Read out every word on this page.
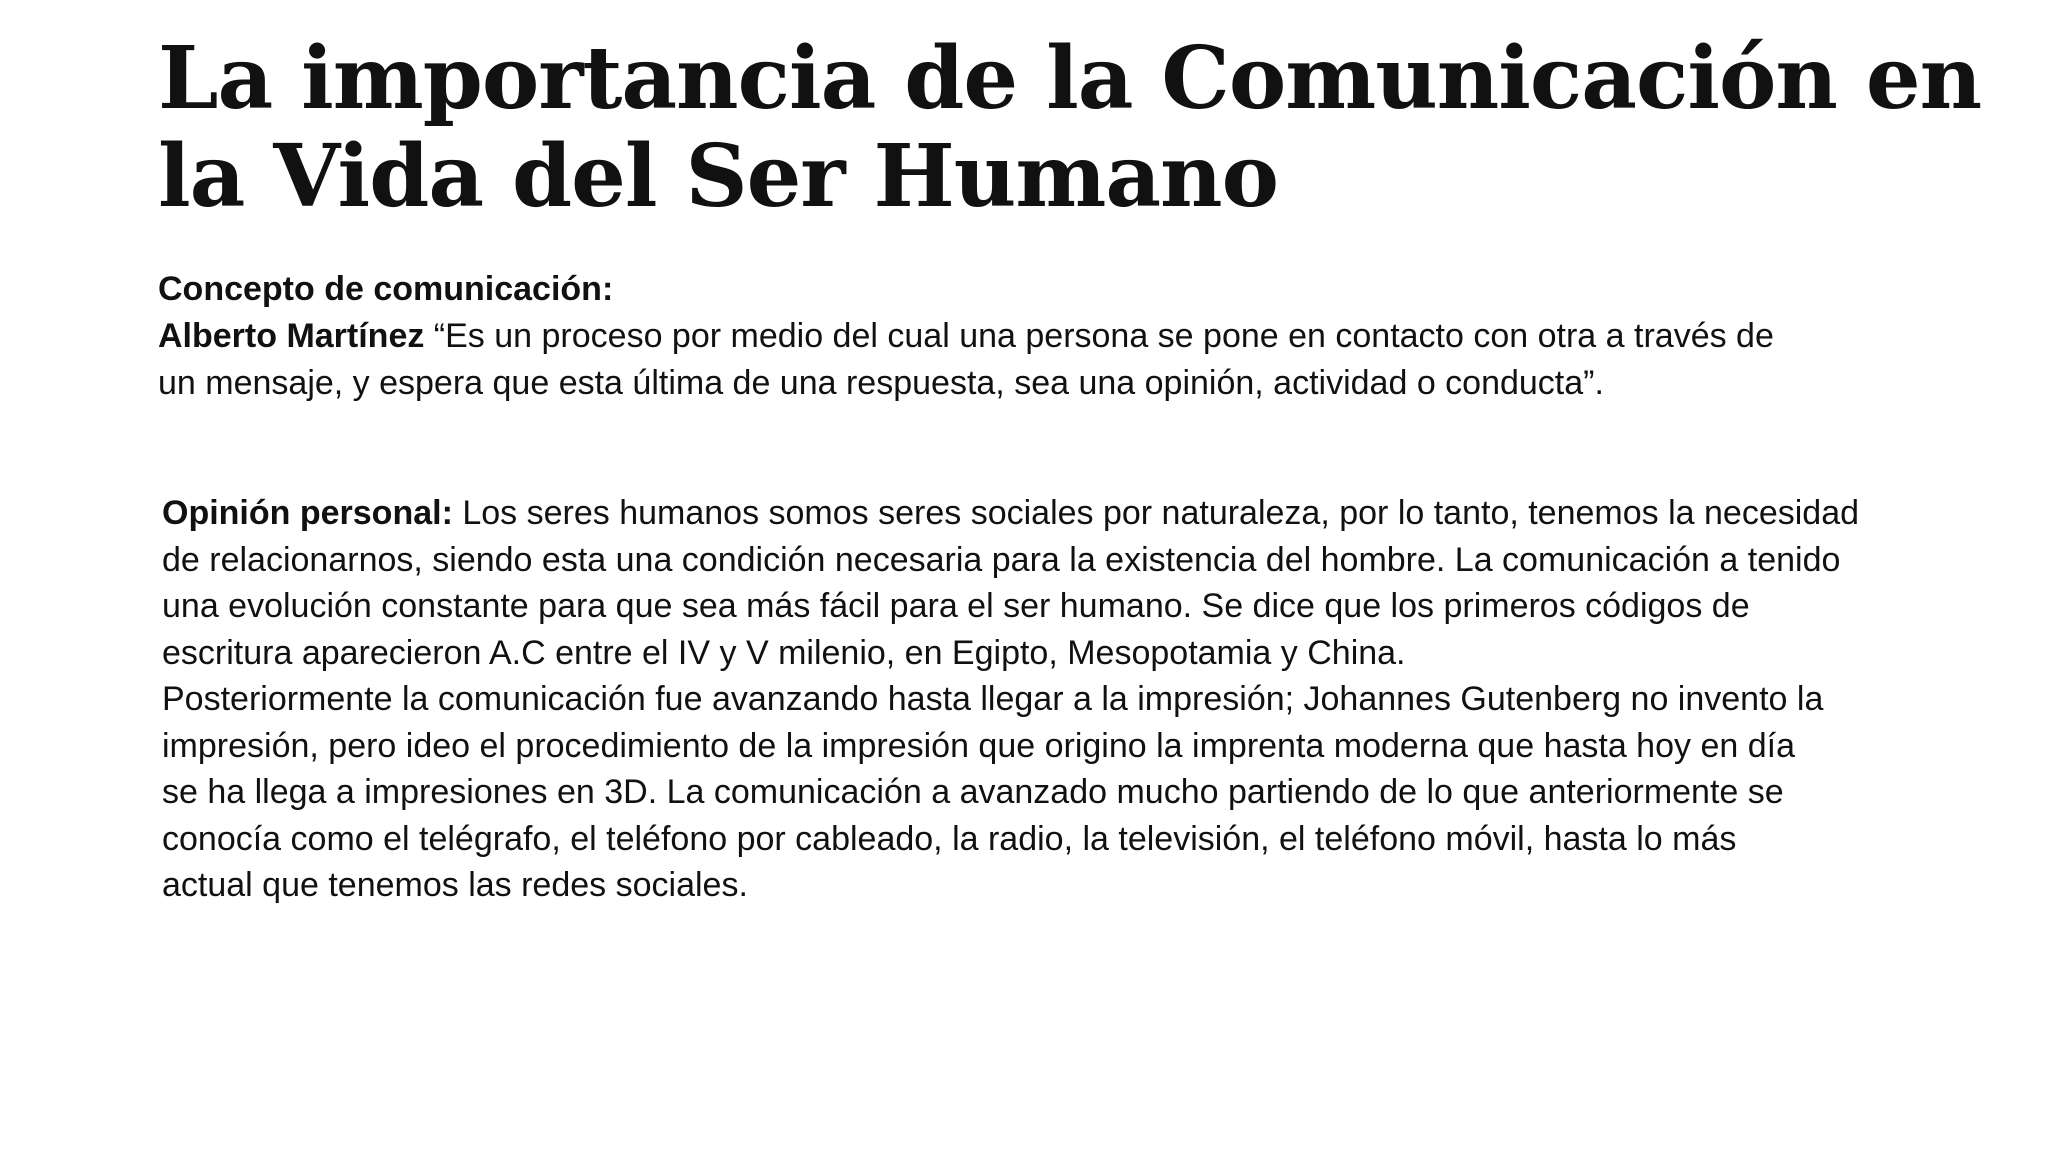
La importancia de la Comunicación en
la Vida del Ser Humano
Concepto de comunicación:
Alberto Martínez “Es un proceso por medio del cual una persona se pone en contacto con otra a través de
un mensaje, y espera que esta última de una respuesta, sea una opinión, actividad o conducta”.
Opinión personal: Los seres humanos somos seres sociales por naturaleza, por lo tanto, tenemos la necesidad
de relacionarnos, siendo esta una condición necesaria para la existencia del hombre. La comunicación a tenido
una evolución constante para que sea más fácil para el ser humano. Se dice que los primeros códigos de
escritura aparecieron A.C entre el IV y V milenio, en Egipto, Mesopotamia y China.
Posteriormente la comunicación fue avanzando hasta llegar a la impresión; Johannes Gutenberg no invento la
impresión, pero ideo el procedimiento de la impresión que origino la imprenta moderna que hasta hoy en día
se ha llega a impresiones en 3D. La comunicación a avanzado mucho partiendo de lo que anteriormente se
conocía como el telégrafo, el teléfono por cableado, la radio, la televisión, el teléfono móvil, hasta lo más
actual que tenemos las redes sociales.
